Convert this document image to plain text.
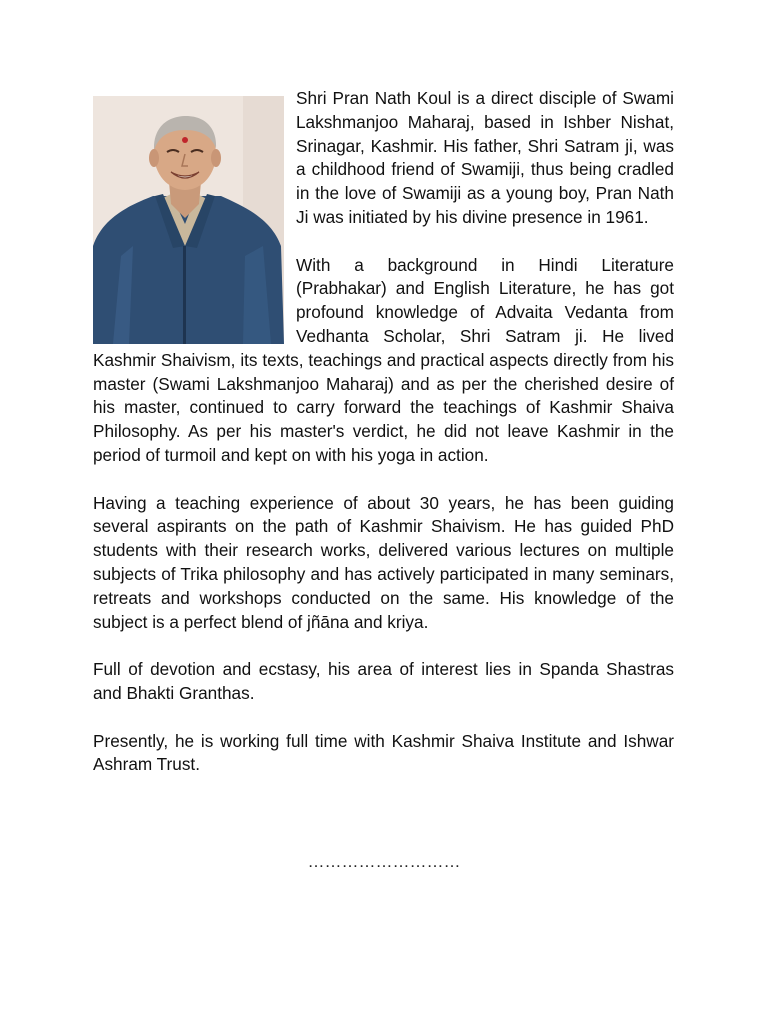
Shri Pran Nath Koul is a direct disciple of Swami Lakshmanjoo Maharaj, based in Ishber Nishat, Srinagar, Kashmir. His father, Shri Satram ji, was a childhood friend of Swamiji, thus being cradled in the love of Swamiji as a young boy, Pran Nath Ji was initiated by his divine presence in 1961.

With a background in Hindi Literature (Prabhakar) and English Literature, he has got profound knowledge of Advaita Vedanta from Vedhanta Scholar, Shri Satram ji. He lived Kashmir Shaivism, its texts, teachings and practical aspects directly from his master (Swami Lakshmanjoo Maharaj) and as per the cherished desire of his master, continued to carry forward the teachings of Kashmir Shaiva Philosophy. As per his master's verdict, he did not leave Kashmir in the period of turmoil and kept on with his yoga in action.

Having a teaching experience of about 30 years, he has been guiding several aspirants on the path of Kashmir Shaivism. He has guided PhD students with their research works, delivered various lectures on multiple subjects of Trika philosophy and has actively participated in many seminars, retreats and workshops conducted on the same. His knowledge of the subject is a perfect blend of jñāna and kriya.

Full of devotion and ecstasy, his area of interest lies in Spanda Shastras and Bhakti Granthas.

Presently, he is working full time with Kashmir Shaiva Institute and Ishwar Ashram Trust.

………………………
